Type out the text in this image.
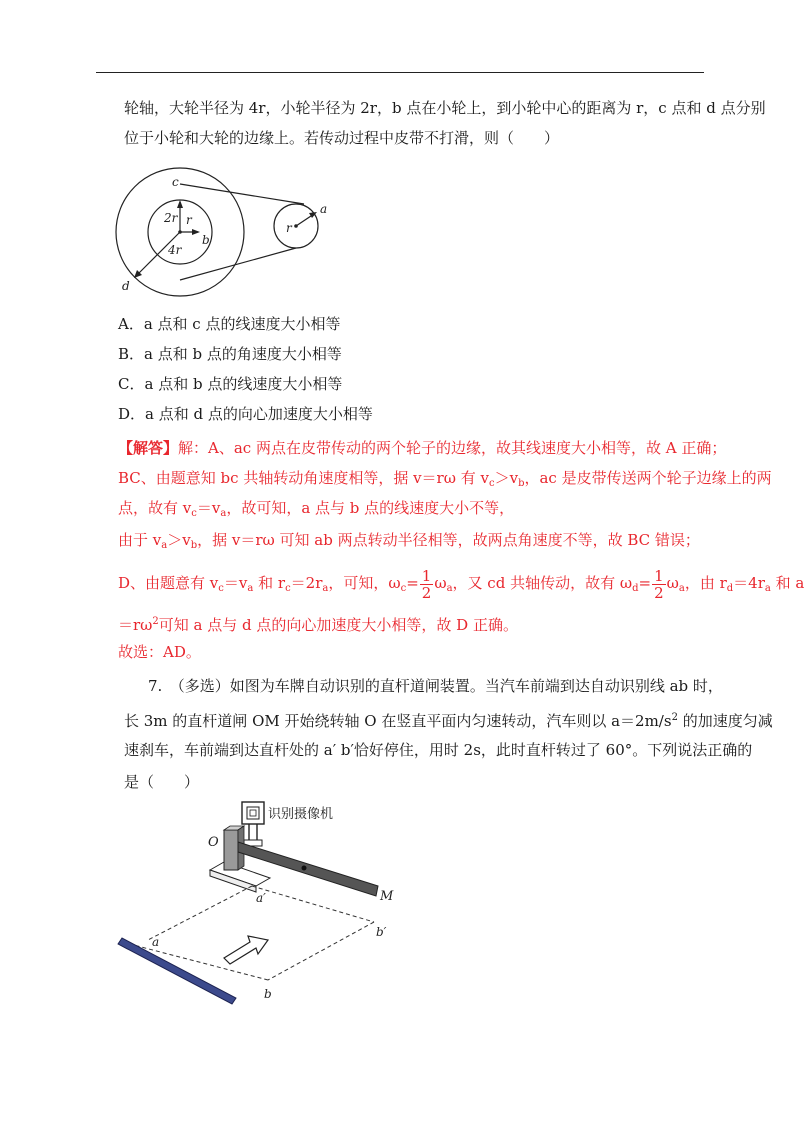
轮轴，大轮半径为 4r，小轮半径为 2r，b 点在小轮上，到小轮中心的距离为 r，c 点和 d 点分别
位于小轮和大轮的边缘上。若传动过程中皮带不打滑，则（　　）
c
2r r
b
4r
d
r
a
A．a 点和 c 点的线速度大小相等
B．a 点和 b 点的角速度大小相等
C．a 点和 b 点的线速度大小相等
D．a 点和 d 点的向心加速度大小相等
【解答】解：A、ac 两点在皮带传动的两个轮子的边缘，故其线速度大小相等，故 A 正确；
BC、由题意知 bc 共轴转动角速度相等，据 v＝rω 有 $v_c>v_b$，ac 是皮带传送两个轮子边缘上的两
点，故有 $v_c=v_a$，故可知，a 点与 b 点的线速度大小不等，
由于 $v_a>v_b$，据 v＝rω 可知 ab 两点转动半径相等，故两点角速度不等，故 BC 错误；
D、由题意有 $v_c=v_a$ 和 $r_c=2r_a$，可知，$\omega_c= \frac{1}{2} \omega_a$，又 cd 共轴传动，故有 $\omega_d= \frac{1}{2} \omega_a$，由 $r_d=4r_a$ 和 a
$=r\omega^2$可知 a 点与 d 点的向心加速度大小相等，故 D 正确。
故选：AD。
7.　（多选）如图为车牌自动识别的直杆道闸装置。当汽车前端到达自动识别线 ab 时，
长 3m 的直杆道闸 OM 开始绕转轴 O 在竖直平面内匀速转动，汽车则以 $a=2m/s^2$ 的加速度匀减
速刹车，车前端到达直杆处的 a′ b′恰好停住，用时 2s，此时直杆转过了 60°。下列说法正确的
是（　　）
识别摄像机
O
M
a′
b′
a
b
